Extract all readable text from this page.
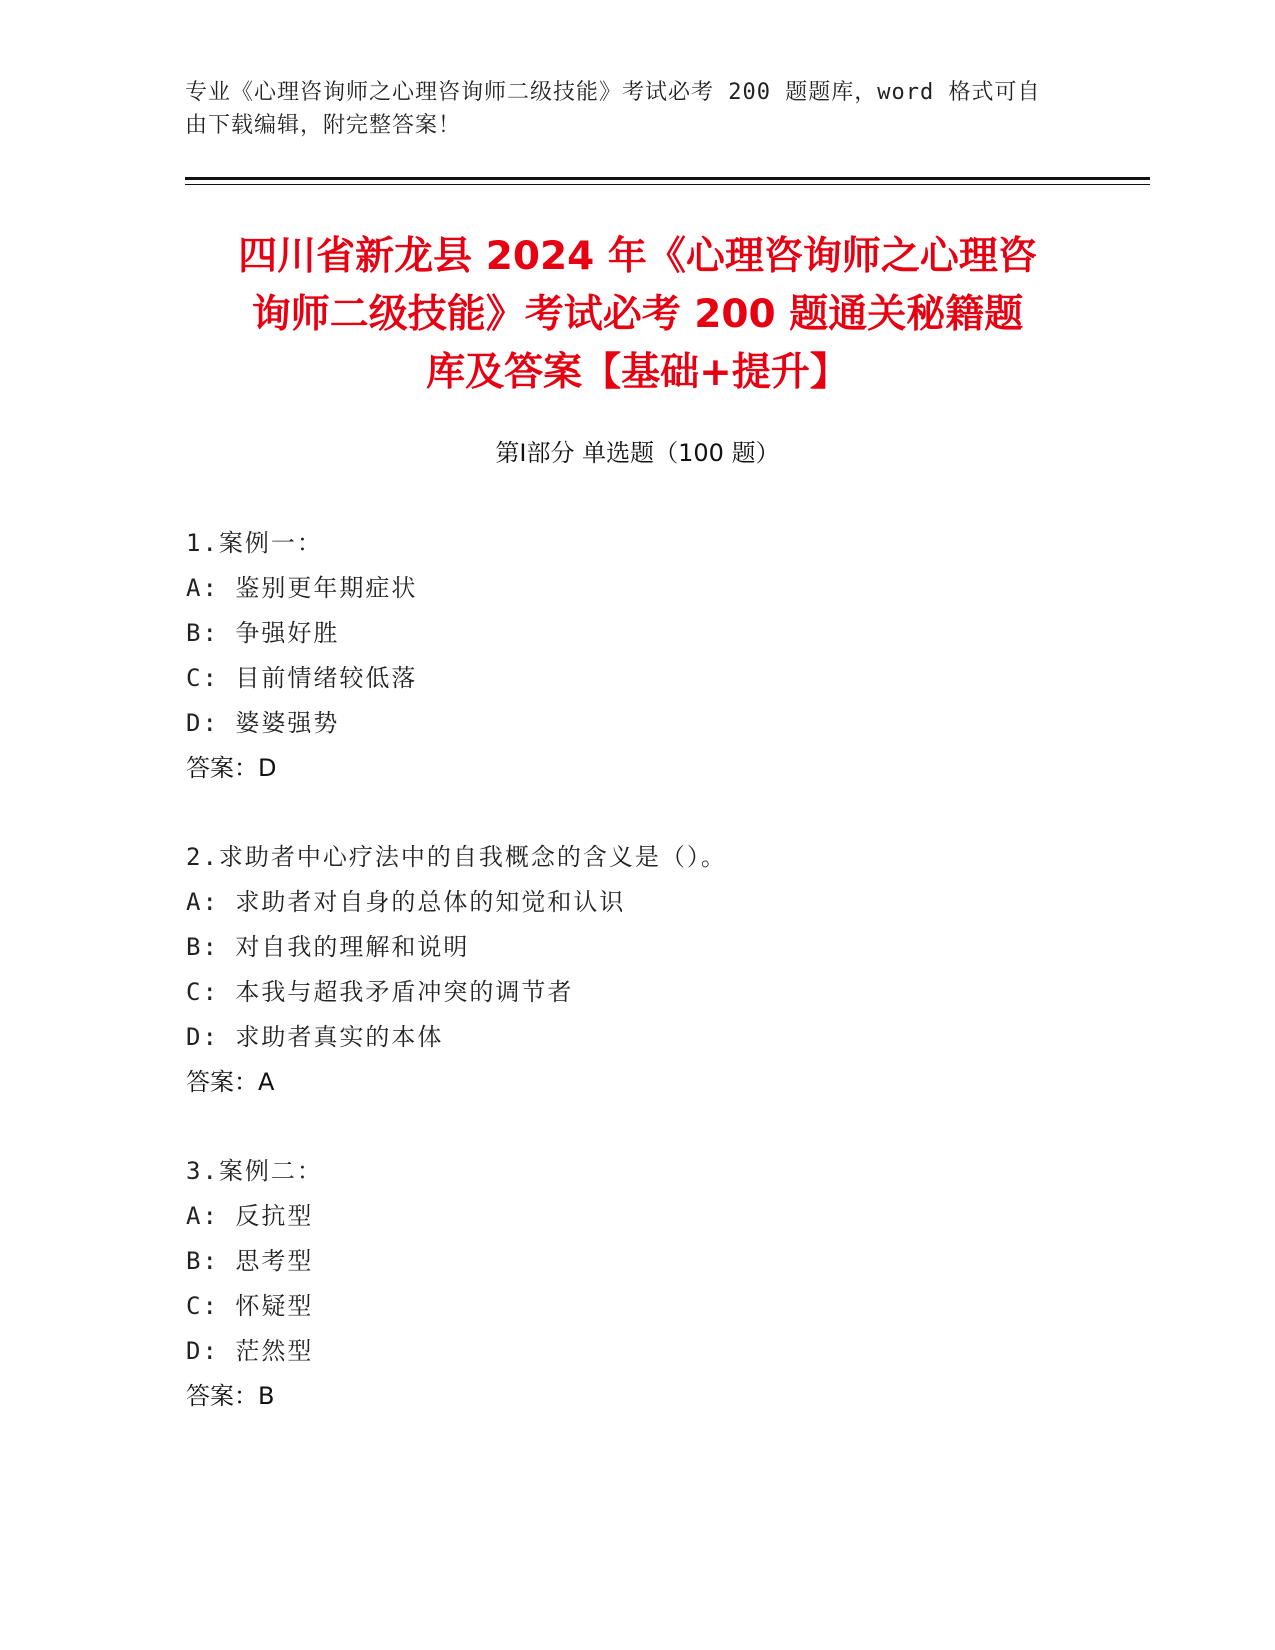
专业《心理咨询师之心理咨询师二级技能》考试必考 200 题题库，word 格式可自
由下载编辑，附完整答案！
四川省新龙县 2024 年《心理咨询师之心理咨
询师二级技能》考试必考 200 题通关秘籍题
库及答案【基础+提升】
第Ⅰ部分 单选题（100 题）
1.案例一：
A: 鉴别更年期症状
B: 争强好胜
C: 目前情绪较低落
D: 婆婆强势
答案：D
2.求助者中心疗法中的自我概念的含义是（）。
A: 求助者对自身的总体的知觉和认识
B: 对自我的理解和说明
C: 本我与超我矛盾冲突的调节者
D: 求助者真实的本体
答案：A
3.案例二：
A: 反抗型
B: 思考型
C: 怀疑型
D: 茫然型
答案：B
